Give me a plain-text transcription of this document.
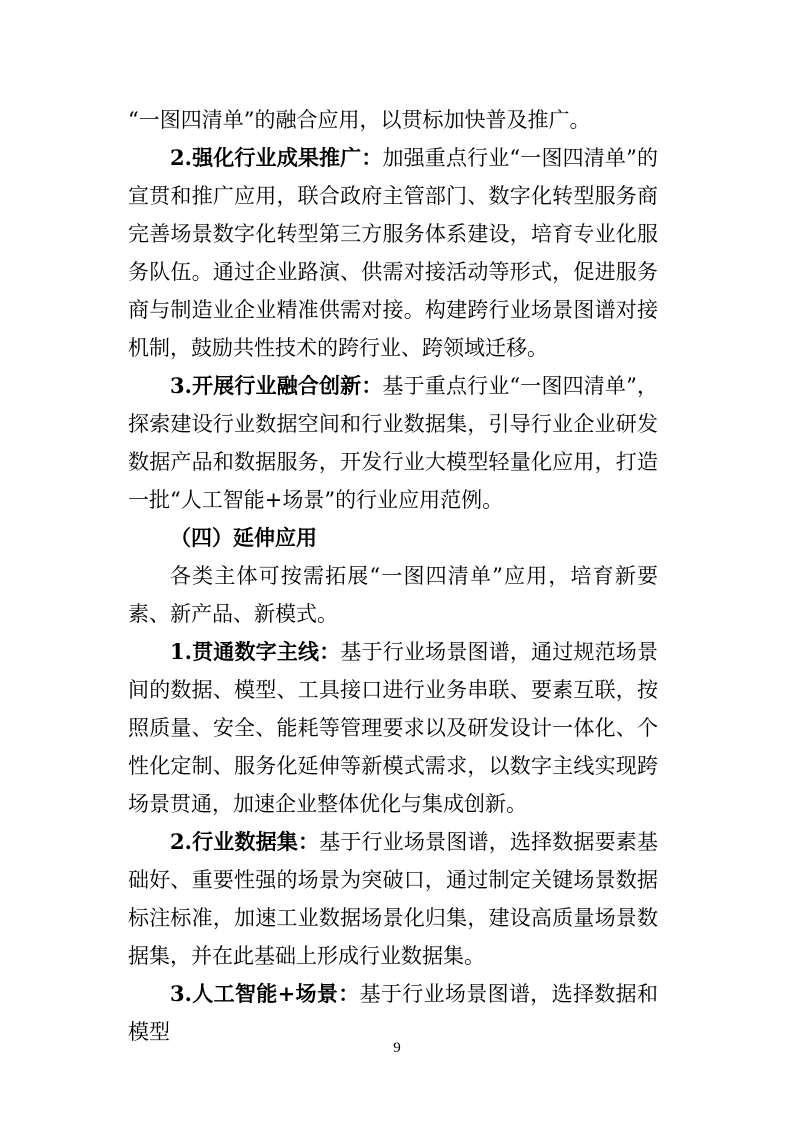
“一图四清单”的融合应用，以贯标加快普及推广。

2.强化行业成果推广：加强重点行业“一图四清单”的宣贯和推广应用，联合政府主管部门、数字化转型服务商完善场景数字化转型第三方服务体系建设，培育专业化服务队伍。通过企业路演、供需对接活动等形式，促进服务商与制造业企业精准供需对接。构建跨行业场景图谱对接机制，鼓励共性技术的跨行业、跨领域迁移。

3.开展行业融合创新：基于重点行业“一图四清单”，探索建设行业数据空间和行业数据集，引导行业企业研发数据产品和数据服务，开发行业大模型轻量化应用，打造一批“人工智能+场景”的行业应用范例。

（四）延伸应用

各类主体可按需拓展“一图四清单”应用，培育新要素、新产品、新模式。

1.贯通数字主线：基于行业场景图谱，通过规范场景间的数据、模型、工具接口进行业务串联、要素互联，按照质量、安全、能耗等管理要求以及研发设计一体化、个性化定制、服务化延伸等新模式需求，以数字主线实现跨场景贯通，加速企业整体优化与集成创新。

2.行业数据集：基于行业场景图谱，选择数据要素基础好、重要性强的场景为突破口，通过制定关键场景数据标注标准，加速工业数据场景化归集，建设高质量场景数据集，并在此基础上形成行业数据集。

3.人工智能+场景：基于行业场景图谱，选择数据和模型

9
